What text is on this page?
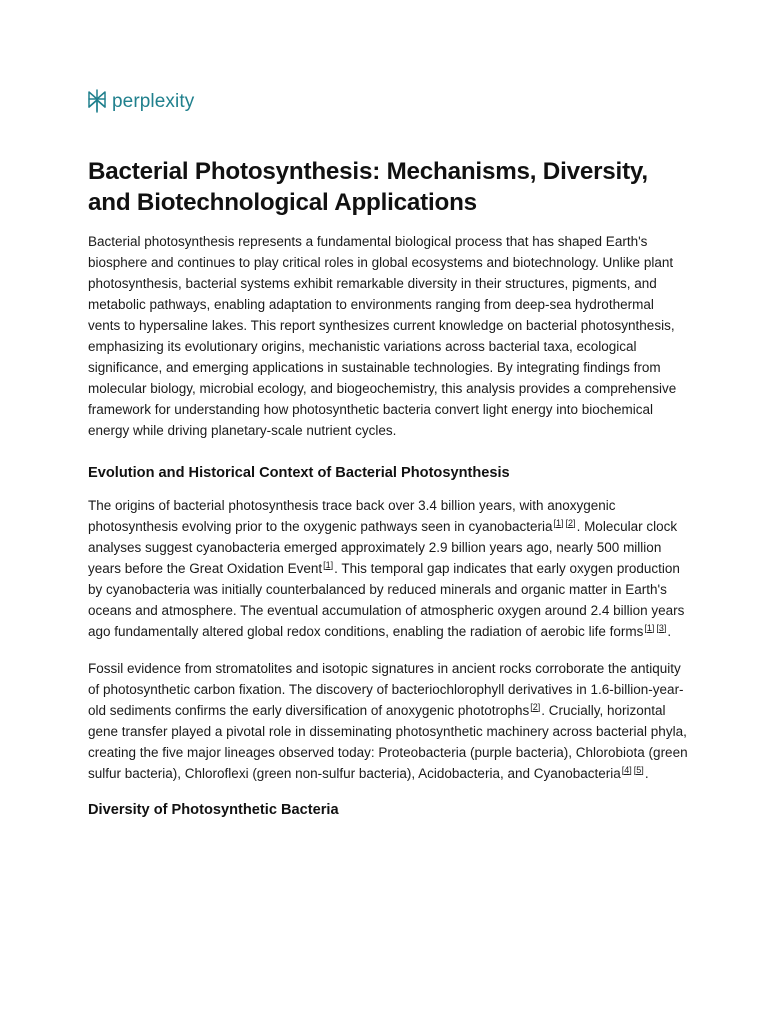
perplexity
Bacterial Photosynthesis: Mechanisms, Diversity, and Biotechnological Applications

Bacterial photosynthesis represents a fundamental biological process that has shaped Earth's biosphere and continues to play critical roles in global ecosystems and biotechnology. Unlike plant photosynthesis, bacterial systems exhibit remarkable diversity in their structures, pigments, and metabolic pathways, enabling adaptation to environments ranging from deep-sea hydrothermal vents to hypersaline lakes. This report synthesizes current knowledge on bacterial photosynthesis, emphasizing its evolutionary origins, mechanistic variations across bacterial taxa, ecological significance, and emerging applications in sustainable technologies. By integrating findings from molecular biology, microbial ecology, and biogeochemistry, this analysis provides a comprehensive framework for understanding how photosynthetic bacteria convert light energy into biochemical energy while driving planetary-scale nutrient cycles.

Evolution and Historical Context of Bacterial Photosynthesis

The origins of bacterial photosynthesis trace back over 3.4 billion years, with anoxygenic photosynthesis evolving prior to the oxygenic pathways seen in cyanobacteria[1] [2]. Molecular clock analyses suggest cyanobacteria emerged approximately 2.9 billion years ago, nearly 500 million years before the Great Oxidation Event[1]. This temporal gap indicates that early oxygen production by cyanobacteria was initially counterbalanced by reduced minerals and organic matter in Earth's oceans and atmosphere. The eventual accumulation of atmospheric oxygen around 2.4 billion years ago fundamentally altered global redox conditions, enabling the radiation of aerobic life forms[1] [3].

Fossil evidence from stromatolites and isotopic signatures in ancient rocks corroborate the antiquity of photosynthetic carbon fixation. The discovery of bacteriochlorophyll derivatives in 1.6-billion-year-old sediments confirms the early diversification of anoxygenic phototrophs[2]. Crucially, horizontal gene transfer played a pivotal role in disseminating photosynthetic machinery across bacterial phyla, creating the five major lineages observed today: Proteobacteria (purple bacteria), Chlorobiota (green sulfur bacteria), Chloroflexi (green non-sulfur bacteria), Acidobacteria, and Cyanobacteria[4] [5].

Diversity of Photosynthetic Bacteria
